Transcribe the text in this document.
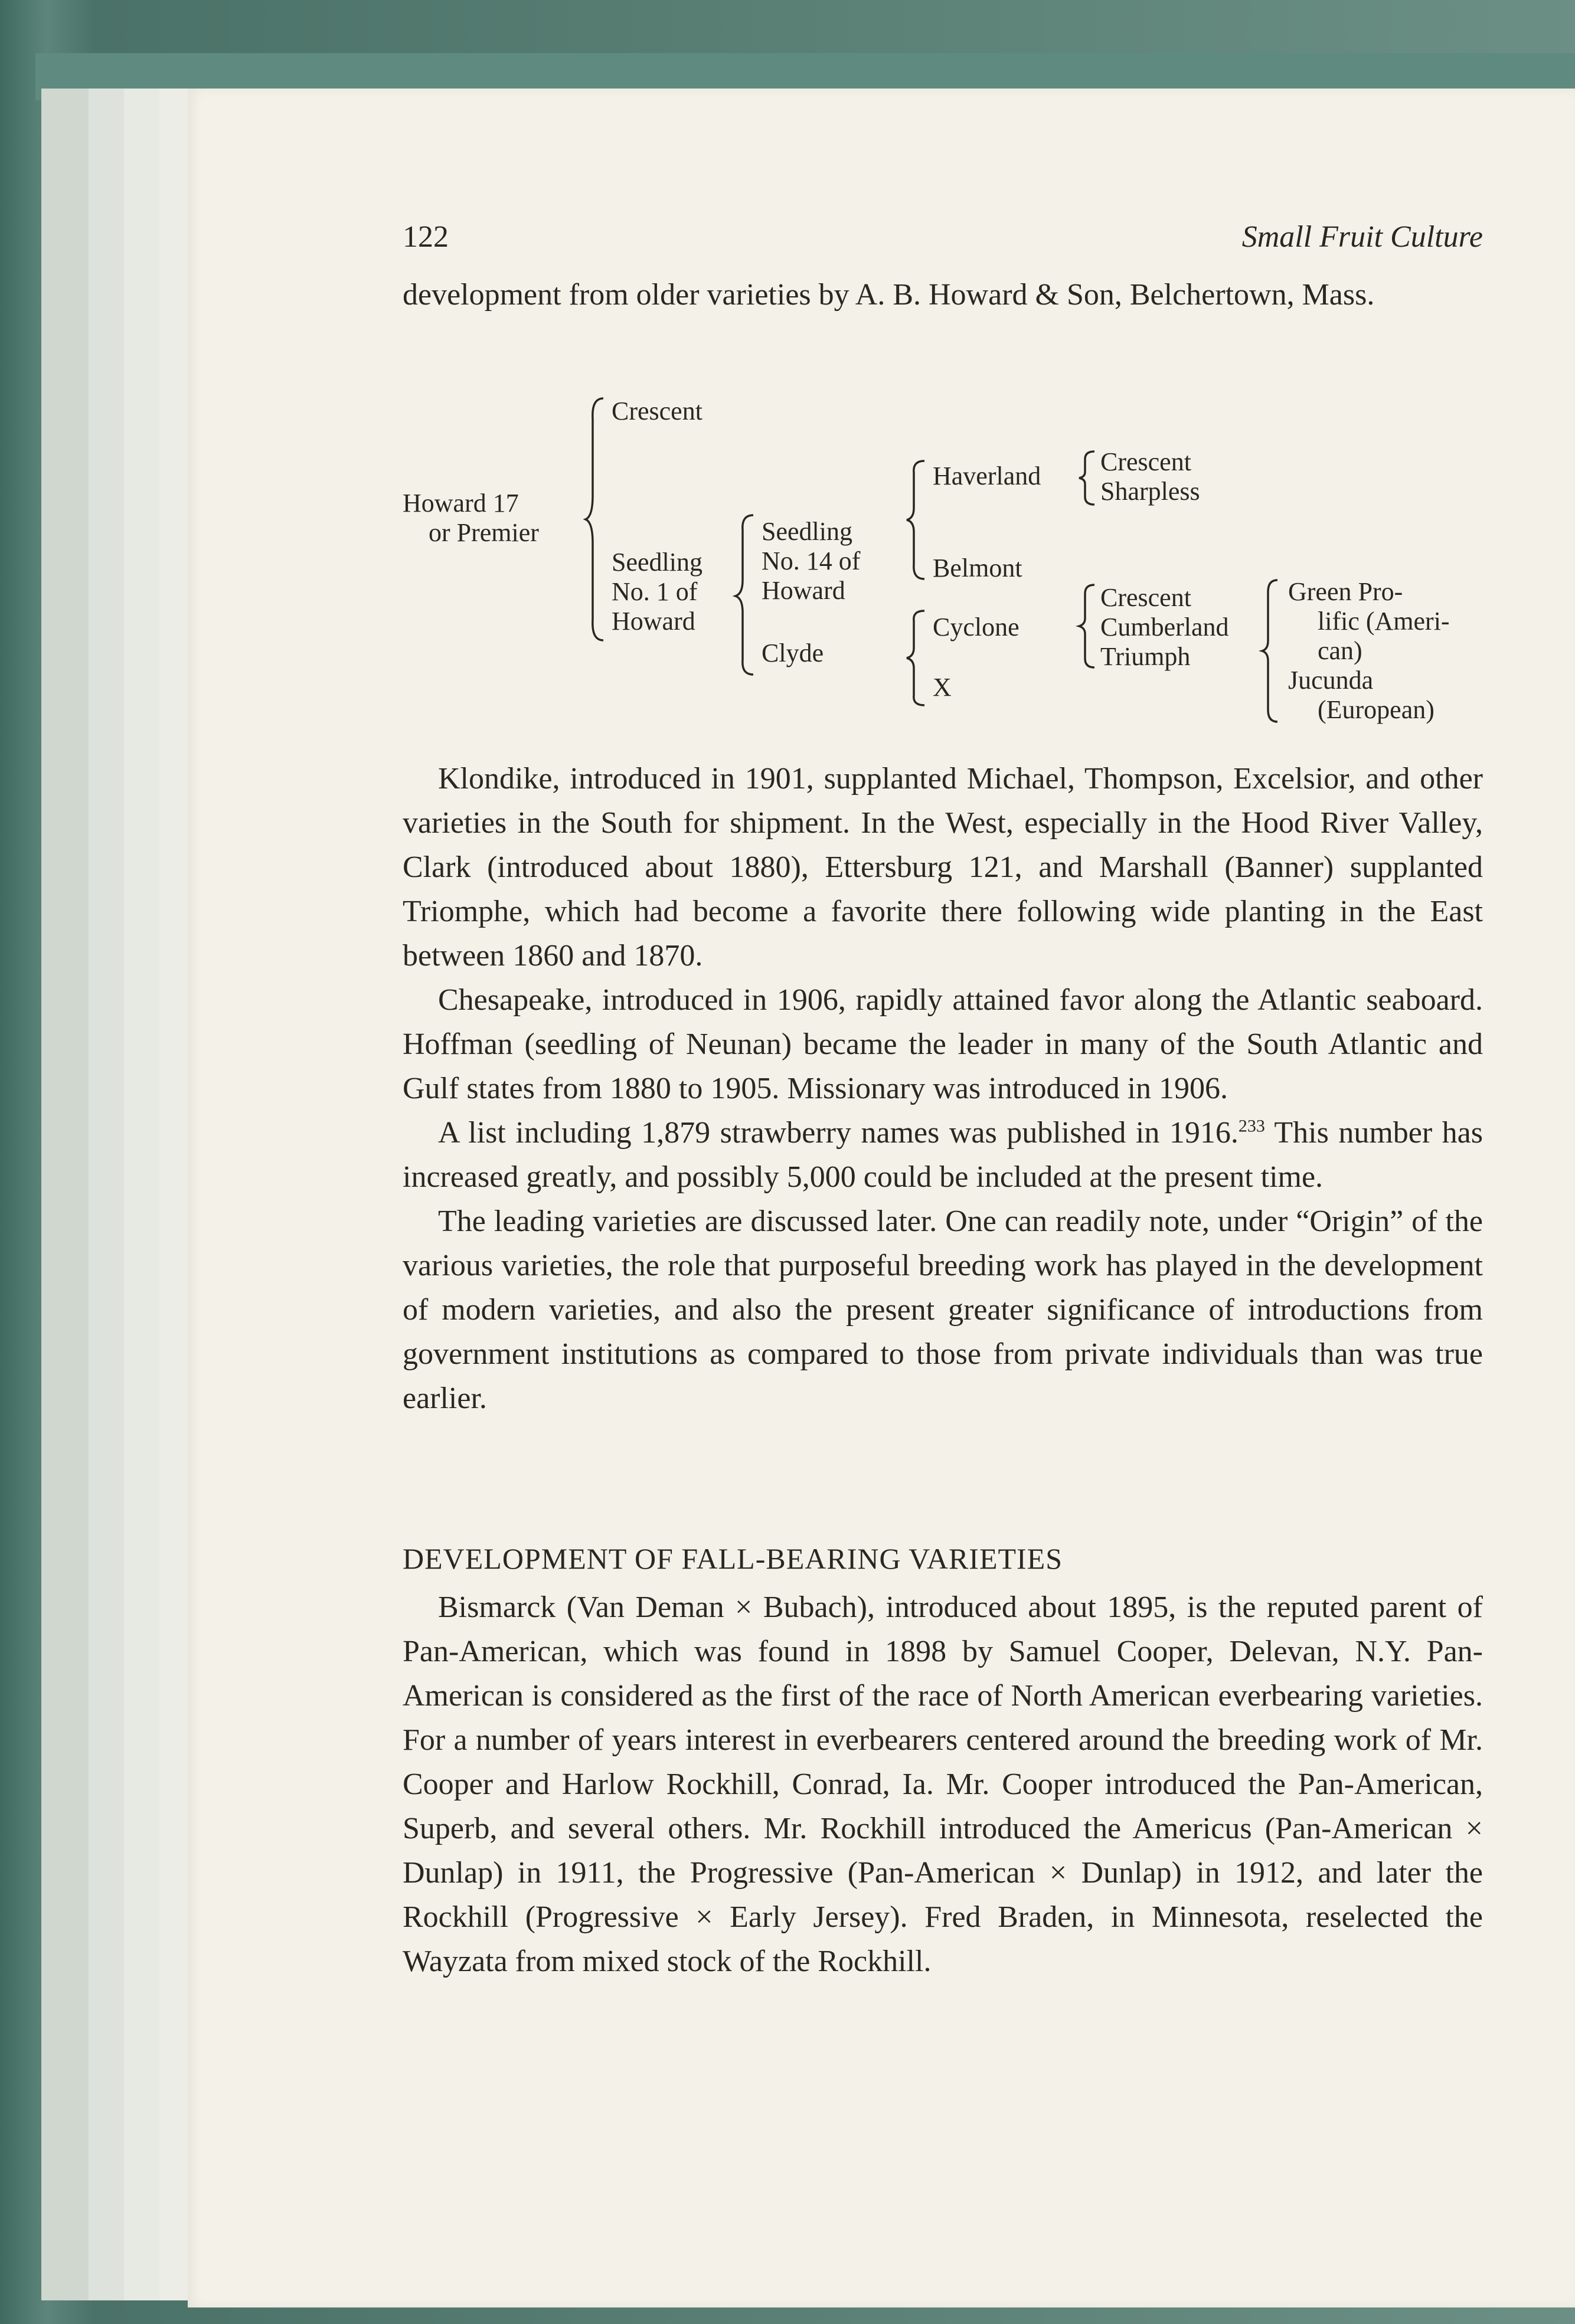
122	Small Fruit Culture

development from older varieties by A. B. Howard & Son, Belchertown, Mass.

Crescent
Howard 17
or Premier
Seedling
No. 1 of
Howard
Seedling
No. 14 of
Howard
Clyde
Haverland Crescent
Sharpless
Belmont
Cyclone
X
Crescent
Cumberland
Triumph
Green Pro-
lific (Ameri-
can)
Jucunda
(European)

Klondike, introduced in 1901, supplanted Michael, Thompson, Excelsior, and other varieties in the South for shipment. In the West, especially in the Hood River Valley, Clark (introduced about 1880), Ettersburg 121, and Marshall (Banner) supplanted Triomphe, which had become a favorite there following wide planting in the East between 1860 and 1870.

Chesapeake, introduced in 1906, rapidly attained favor along the Atlantic seaboard. Hoffman (seedling of Neunan) became the leader in many of the South Atlantic and Gulf states from 1880 to 1905. Missionary was introduced in 1906.

A list including 1,879 strawberry names was published in 1916.$^{233}$ This number has increased greatly, and possibly 5,000 could be included at the present time.

The leading varieties are discussed later. One can readily note, under “Origin” of the various varieties, the role that purposeful breeding work has played in the development of modern varieties, and also the present greater significance of introductions from government institutions as compared to those from private individuals than was true earlier.

DEVELOPMENT OF FALL-BEARING VARIETIES

Bismarck (Van Deman × Bubach), introduced about 1895, is the reputed parent of Pan-American, which was found in 1898 by Samuel Cooper, Delevan, N.Y. Pan-American is considered as the first of the race of North American everbearing varieties. For a number of years interest in everbearers centered around the breeding work of Mr. Cooper and Harlow Rockhill, Conrad, Ia. Mr. Cooper introduced the Pan-American, Superb, and several others. Mr. Rockhill introduced the Americus (Pan-American × Dunlap) in 1911, the Progressive (Pan-American × Dunlap) in 1912, and later the Rockhill (Progressive × Early Jersey). Fred Braden, in Minnesota, reselected the Wayzata from mixed stock of the Rockhill.
